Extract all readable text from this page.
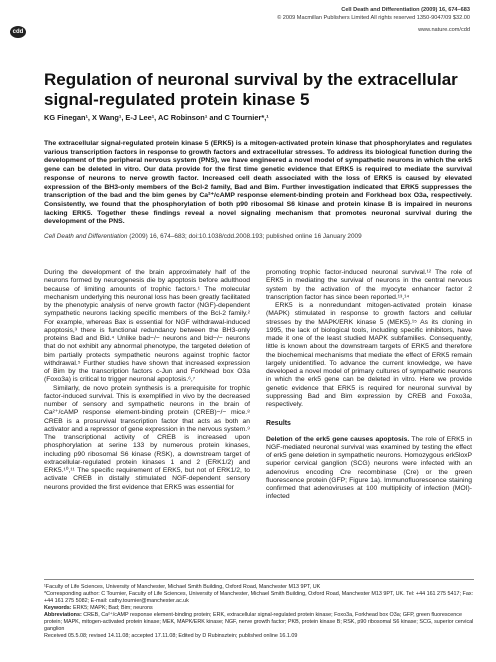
cdd
Cell Death and Differentiation (2009) 16, 674–683
© 2009 Macmillan Publishers Limited All rights reserved 1350-9047/09 $32.00
www.nature.com/cdd
Regulation of neuronal survival by the extracellular signal-regulated protein kinase 5
KG Finegan¹, X Wang¹, E-J Lee¹, AC Robinson¹ and C Tournier*,¹
The extracellular signal-regulated protein kinase 5 (ERK5) is a mitogen-activated protein kinase that phosphorylates and regulates various transcription factors in response to growth factors and extracellular stresses. To address its biological function during the development of the peripheral nervous system (PNS), we have engineered a novel model of sympathetic neurons in which the erk5 gene can be deleted in vitro. Our data provide for the first time genetic evidence that ERK5 is required to mediate the survival response of neurons to nerve growth factor. Increased cell death associated with the loss of ERK5 is caused by elevated expression of the BH3-only members of the Bcl-2 family, Bad and Bim. Further investigation indicated that ERK5 suppresses the transcription of the bad and the bim genes by Ca²⁺/cAMP response element-binding protein and Forkhead box O3a, respectively. Consistently, we found that the phosphorylation of both p90 ribosomal S6 kinase and protein kinase B is impaired in neurons lacking ERK5. Together these findings reveal a novel signaling mechanism that promotes neuronal survival during the development of the PNS.
Cell Death and Differentiation (2009) 16, 674–683; doi:10.1038/cdd.2008.193; published online 16 January 2009

During the development of the brain approximately half of the neurons formed by neurogenesis die by apoptosis before adulthood because of limiting amounts of trophic factors.¹ The molecular mechanism underlying this neuronal loss has been greatly facilitated by the phenotypic analysis of nerve growth factor (NGF)-dependent sympathetic neurons lacking specific members of the Bcl-2 family.² For example, whereas Bax is essential for NGF withdrawal-induced apoptosis,³ there is functional redundancy between the BH3-only proteins Bad and Bid.⁴ Unlike bad−/− neurons and bid−/− neurons that do not exhibit any abnormal phenotype, the targeted deletion of bim partially protects sympathetic neurons against trophic factor withdrawal.⁵ Further studies have shown that increased expression of Bim by the transcription factors c-Jun and Forkhead box O3a (Foxo3a) is critical to trigger neuronal apoptosis.⁶,⁷

Similarly, de novo protein synthesis is a prerequisite for trophic factor-induced survival. This is exemplified in vivo by the decreased number of sensory and sympathetic neurons in the brain of Ca²⁺/cAMP response element-binding protein (CREB)−/− mice.⁸ CREB is a prosurvival transcription factor that acts as both an activator and a repressor of gene expression in the nervous system.⁹ The transcriptional activity of CREB is increased upon phosphorylation at serine 133 by numerous protein kinases, including p90 ribosomal S6 kinase (RSK), a downstream target of extracellular-regulated protein kinases 1 and 2 (ERK1/2) and ERK5.¹⁰,¹¹ The specific requirement of ERK5, but not of ERK1/2, to activate CREB in distally stimulated NGF-dependent sensory neurons provided the first evidence that ERK5 was essential for

promoting trophic factor-induced neuronal survival.¹² The role of ERK5 in mediating the survival of neurons in the central nervous system by the activation of the myocyte enhancer factor 2 transcription factor has since been reported.¹³,¹⁴

ERK5 is a nonredundant mitogen-activated protein kinase (MAPK) stimulated in response to growth factors and cellular stresses by the MAPK/ERK kinase 5 (MEK5).¹⁵ As its cloning in 1995, the lack of biological tools, including specific inhibitors, have made it one of the least studied MAPK subfamilies. Consequently, little is known about the downstream targets of ERK5 and therefore the biochemical mechanisms that mediate the effect of ERK5 remain largely unidentified. To advance the current knowledge, we have developed a novel model of primary cultures of sympathetic neurons in which the erk5 gene can be deleted in vitro. Here we provide genetic evidence that ERK5 is required for neuronal survival by suppressing Bad and Bim expression by CREB and Foxo3a, respectively.

Results

Deletion of the erk5 gene causes apoptosis. The role of ERK5 in NGF-mediated neuronal survival was examined by testing the effect of erk5 gene deletion in sympathetic neurons. Homozygous erk5loxP superior cervical ganglion (SCG) neurons were infected with an adenovirus encoding Cre recombinase (Cre) or the green fluorescence protein (GFP; Figure 1a). Immunofluorescence staining confirmed that adenoviruses at 100 multiplicity of infection (MOI)-infected

¹Faculty of Life Sciences, University of Manchester, Michael Smith Building, Oxford Road, Manchester M13 9PT, UK

*Corresponding author: C Tournier, Faculty of Life Sciences, University of Manchester, Michael Smith Building, Oxford Road, Manchester M13 9PT, UK. Tel: +44 161 275 5417; Fax: +44 161 275 5082; E-mail: cathy.tournier@manchester.ac.uk

Keywords: ERK5; MAPK; Bad; Bim; neurons

Abbreviations: CREB, Ca²⁺/cAMP response element-binding protein; ERK, extracellular signal-regulated protein kinase; Foxo3a, Forkhead box O3a; GFP, green fluorescence protein; MAPK, mitogen-activated protein kinase; MEK, MAPK/ERK kinase; NGF, nerve growth factor; PKB, protein kinase B; RSK, p90 ribosomal S6 kinase; SCG, superior cervical ganglion

Received 05.5.08; revised 14.11.08; accepted 17.11.08; Edited by D Rubinsztein; published online 16.1.09
